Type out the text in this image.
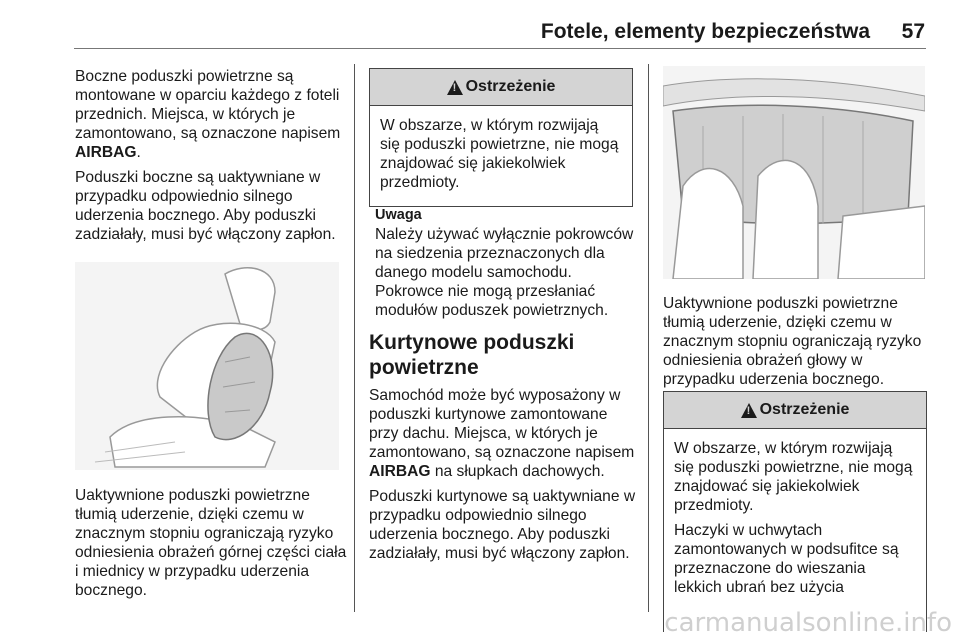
Fotele, elementy bezpieczeństwa	57

Boczne poduszki powietrzne są montowane w oparciu każdego z foteli przednich. Miejsca, w których je zamontowano, są oznaczone napisem AIRBAG.

Poduszki boczne są uaktywniane w przypadku odpowiednio silnego uderzenia bocznego. Aby poduszki zadziałały, musi być włączony zapłon.

Uaktywnione poduszki powietrzne tłumią uderzenie, dzięki czemu w znacznym stopniu ograniczają ryzyko odniesienia obrażeń górnej części ciała i miednicy w przypadku uderzenia bocznego.
!
Ostrzeżenie

W obszarze, w którym rozwijają się poduszki powietrzne, nie mogą znajdować się jakiekolwiek przedmioty.

Uwaga

Należy używać wyłącznie pokrowców na siedzenia przeznaczonych dla danego modelu samochodu. Pokrowce nie mogą przesłaniać modułów poduszek powietrznych.

Kurtynowe poduszki powietrzne

Samochód może być wyposażony w poduszki kurtynowe zamontowane przy dachu. Miejsca, w których je zamontowano, są oznaczone napisem AIRBAG na słupkach dachowych.

Poduszki kurtynowe są uaktywniane w przypadku odpowiednio silnego uderzenia bocznego. Aby poduszki zadziałały, musi być włączony zapłon.

Uaktywnione poduszki powietrzne tłumią uderzenie, dzięki czemu w znacznym stopniu ograniczają ryzyko odniesienia obrażeń głowy w przypadku uderzenia bocznego.
!
Ostrzeżenie

W obszarze, w którym rozwijają się poduszki powietrzne, nie mogą znajdować się jakiekolwiek przedmioty.

Haczyki w uchwytach zamontowanych w podsufitce są przeznaczone do wieszania lekkich ubrań bez użycia

carmanualsonline.info
